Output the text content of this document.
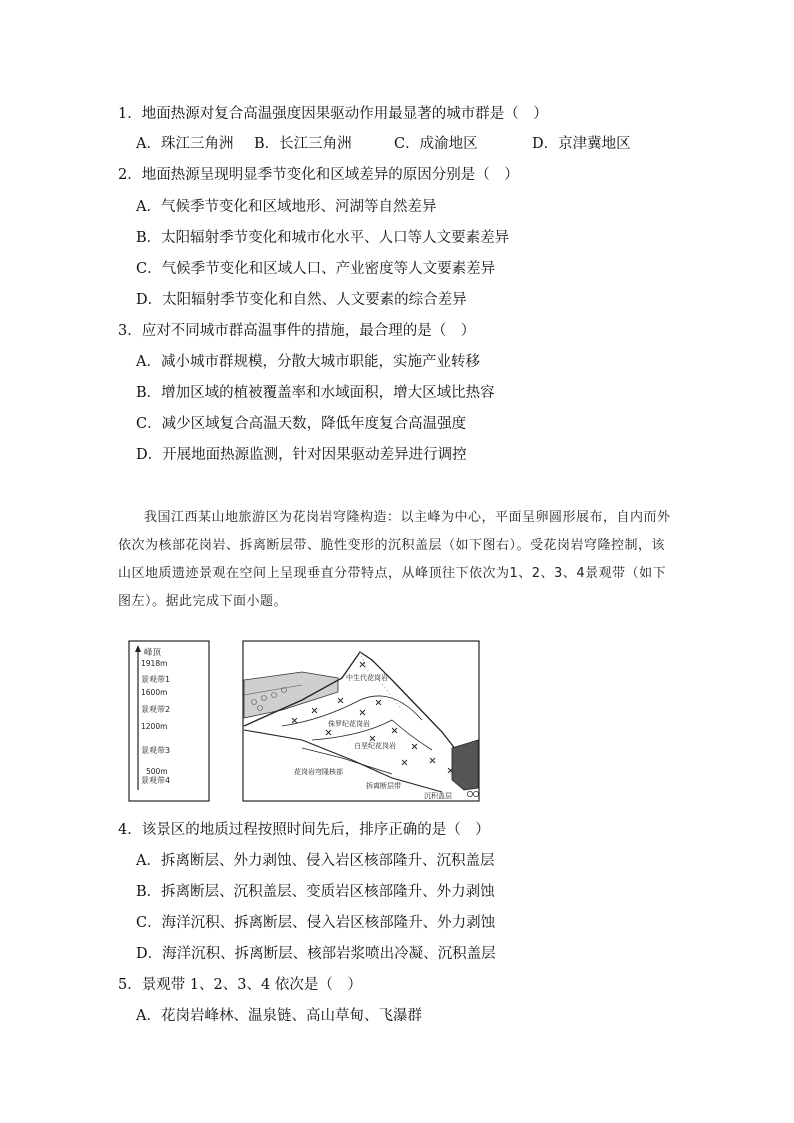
1．地面热源对复合高温强度因果驱动作用最显著的城市群是（　）
A．珠江三角洲 B．长江三角洲	C．成渝地区	D．京津冀地区
2．地面热源呈现明显季节变化和区域差异的原因分别是（　）
A．气候季节变化和区域地形、河湖等自然差异
B．太阳辐射季节变化和城市化水平、人口等人文要素差异
C．气候季节变化和区域人口、产业密度等人文要素差异
D．太阳辐射季节变化和自然、人文要素的综合差异
3．应对不同城市群高温事件的措施，最合理的是（　）
A．减小城市群规模，分散大城市职能，实施产业转移
B．增加区域的植被覆盖率和水域面积，增大区域比热容
C．减少区域复合高温天数，降低年度复合高温强度
D．开展地面热源监测，针对因果驱动差异进行调控
我国江西某山地旅游区为花岗岩穹隆构造：以主峰为中心，平面呈卵圆形展布，自内而外依次为核部花岗岩、拆离断层带、脆性变形的沉积盖层（如下图右）。受花岗岩穹隆控制，该山区地质遗迹景观在空间上呈现垂直分带特点，从峰顶往下依次为1、2、3、4景观带（如下图左）。据此完成下面小题。
峰顶
1918m
景观带1
1600m
景观带2
1200m
景观带3
500m
景观带4
中生代花岗岩
侏罗纪花岗岩
白垩纪花岗岩
花岗岩穹隆核部
拆离断层带
沉积盖层
4．该景区的地质过程按照时间先后，排序正确的是（　）
A．拆离断层、外力剥蚀、侵入岩区核部隆升、沉积盖层
B．拆离断层、沉积盖层、变质岩区核部隆升、外力剥蚀
C．海洋沉积、拆离断层、侵入岩区核部隆升、外力剥蚀
D．海洋沉积、拆离断层、核部岩浆喷出冷凝、沉积盖层
5．景观带 1、2、3、4 依次是（　）
A．花岗岩峰林、温泉链、高山草甸、飞瀑群
